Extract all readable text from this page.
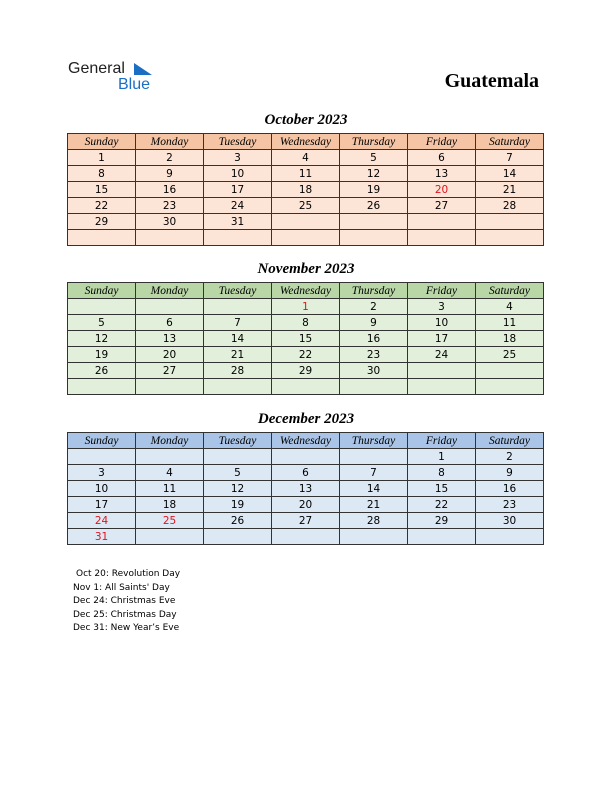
General
Blue	Guatemala
October 2023
Sunday	Monday	Tuesday	Wednesday	Thursday	Friday	Saturday
1	2	3	4	5	6	7
8	9	10	11	12	13	14
15	16	17	18	19	20	21
22	23	24	25	26	27	28
29	30	31				

November 2023
Sunday	Monday	Tuesday	Wednesday	Thursday	Friday	Saturday
			1	2	3	4
5	6	7	8	9	10	11
12	13	14	15	16	17	18
19	20	21	22	23	24	25
26	27	28	29	30		

December 2023
Sunday	Monday	Tuesday	Wednesday	Thursday	Friday	Saturday
					1	2
3	4	5	6	7	8	9
10	11	12	13	14	15	16
17	18	19	20	21	22	23
24	25	26	27	28	29	30
31						
Oct 20: Revolution Day
Nov 1: All Saints' Day
Dec 24: Christmas Eve
Dec 25: Christmas Day
Dec 31: New Year’s Eve
